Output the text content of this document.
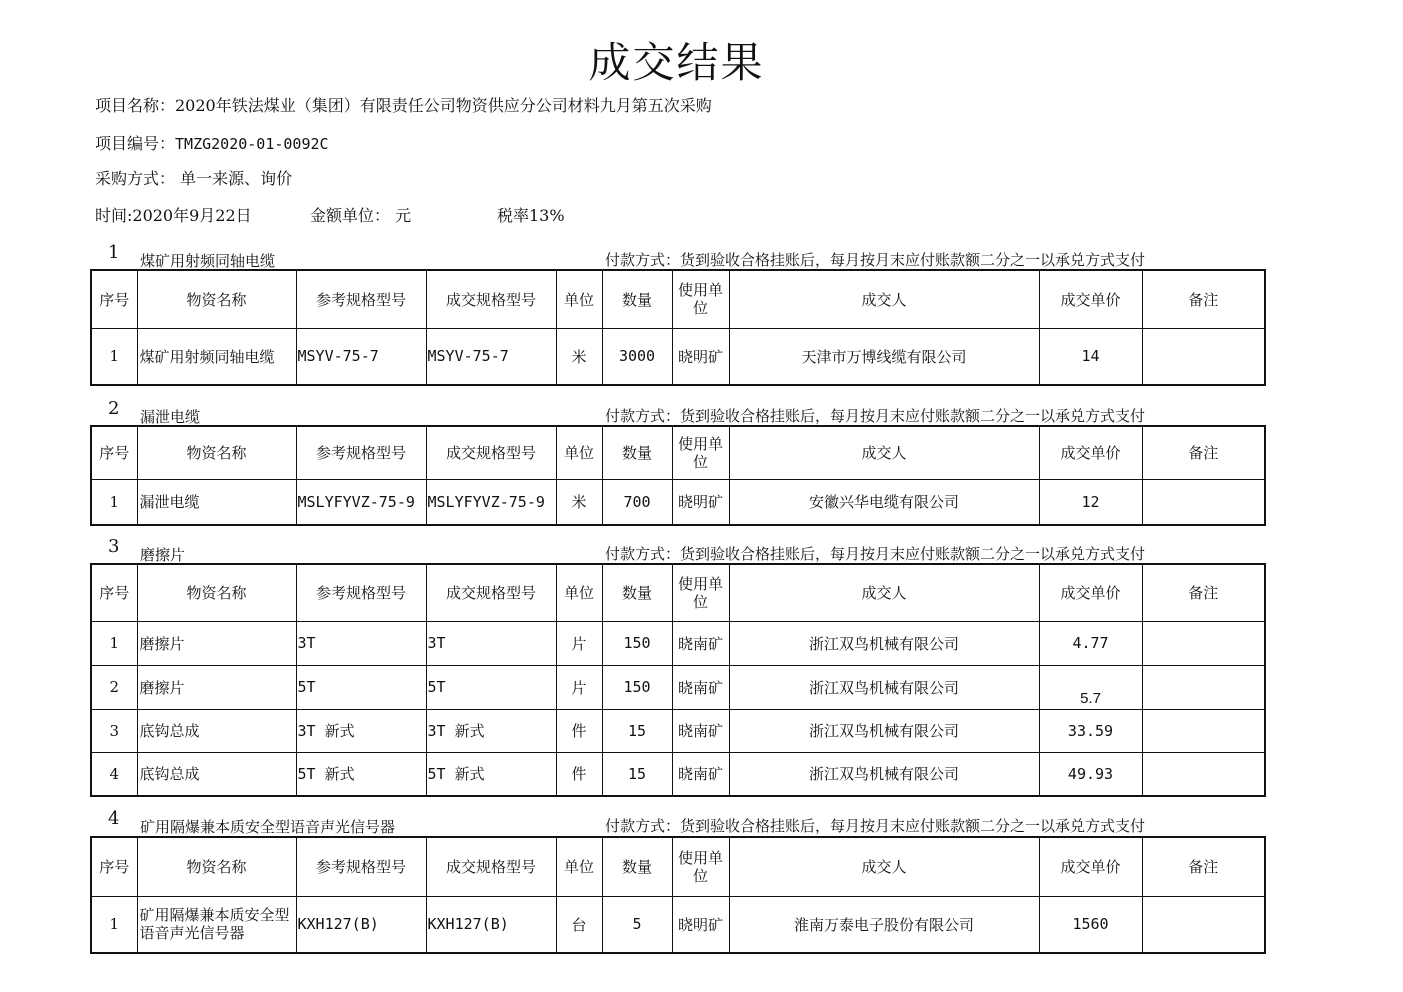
成交结果
项目名称：2020年铁法煤业（集团）有限责任公司物资供应分公司材料九月第五次采购
项目编号：TMZG2020-01-0092C
采购方式： 单一来源、询价
时间:2020年9月22日	金额单位： 元	税率13%
1 煤矿用射频同轴电缆	付款方式：货到验收合格挂账后，每月按月末应付账款额二分之一以承兑方式支付
序号	物资名称	参考规格型号	成交规格型号	单位	数量	使用单位	成交人	成交单价	备注
1	煤矿用射频同轴电缆	MSYV-75-7	MSYV-75-7	米	3000	晓明矿	天津市万博线缆有限公司	14	
2 漏泄电缆	付款方式：货到验收合格挂账后，每月按月末应付账款额二分之一以承兑方式支付
序号	物资名称	参考规格型号	成交规格型号	单位	数量	使用单位	成交人	成交单价	备注
1	漏泄电缆	MSLYFYVZ-75-9	MSLYFYVZ-75-9	米	700	晓明矿	安徽兴华电缆有限公司	12	
3 磨擦片	付款方式：货到验收合格挂账后，每月按月末应付账款额二分之一以承兑方式支付
序号	物资名称	参考规格型号	成交规格型号	单位	数量	使用单位	成交人	成交单价	备注
1	磨擦片	3T	3T	片	150	晓南矿	浙江双鸟机械有限公司	4.77	
2	磨擦片	5T	5T	片	150	晓南矿	浙江双鸟机械有限公司	5.7	
3	底钩总成	3T 新式	3T 新式	件	15	晓南矿	浙江双鸟机械有限公司	33.59	
4	底钩总成	5T 新式	5T 新式	件	15	晓南矿	浙江双鸟机械有限公司	49.93	
4 矿用隔爆兼本质安全型语音声光信号器	付款方式：货到验收合格挂账后，每月按月末应付账款额二分之一以承兑方式支付
序号	物资名称	参考规格型号	成交规格型号	单位	数量	使用单位	成交人	成交单价	备注
1	矿用隔爆兼本质安全型语音声光信号器	KXH127(B)	KXH127(B)	台	5	晓明矿	淮南万泰电子股份有限公司	1560	
